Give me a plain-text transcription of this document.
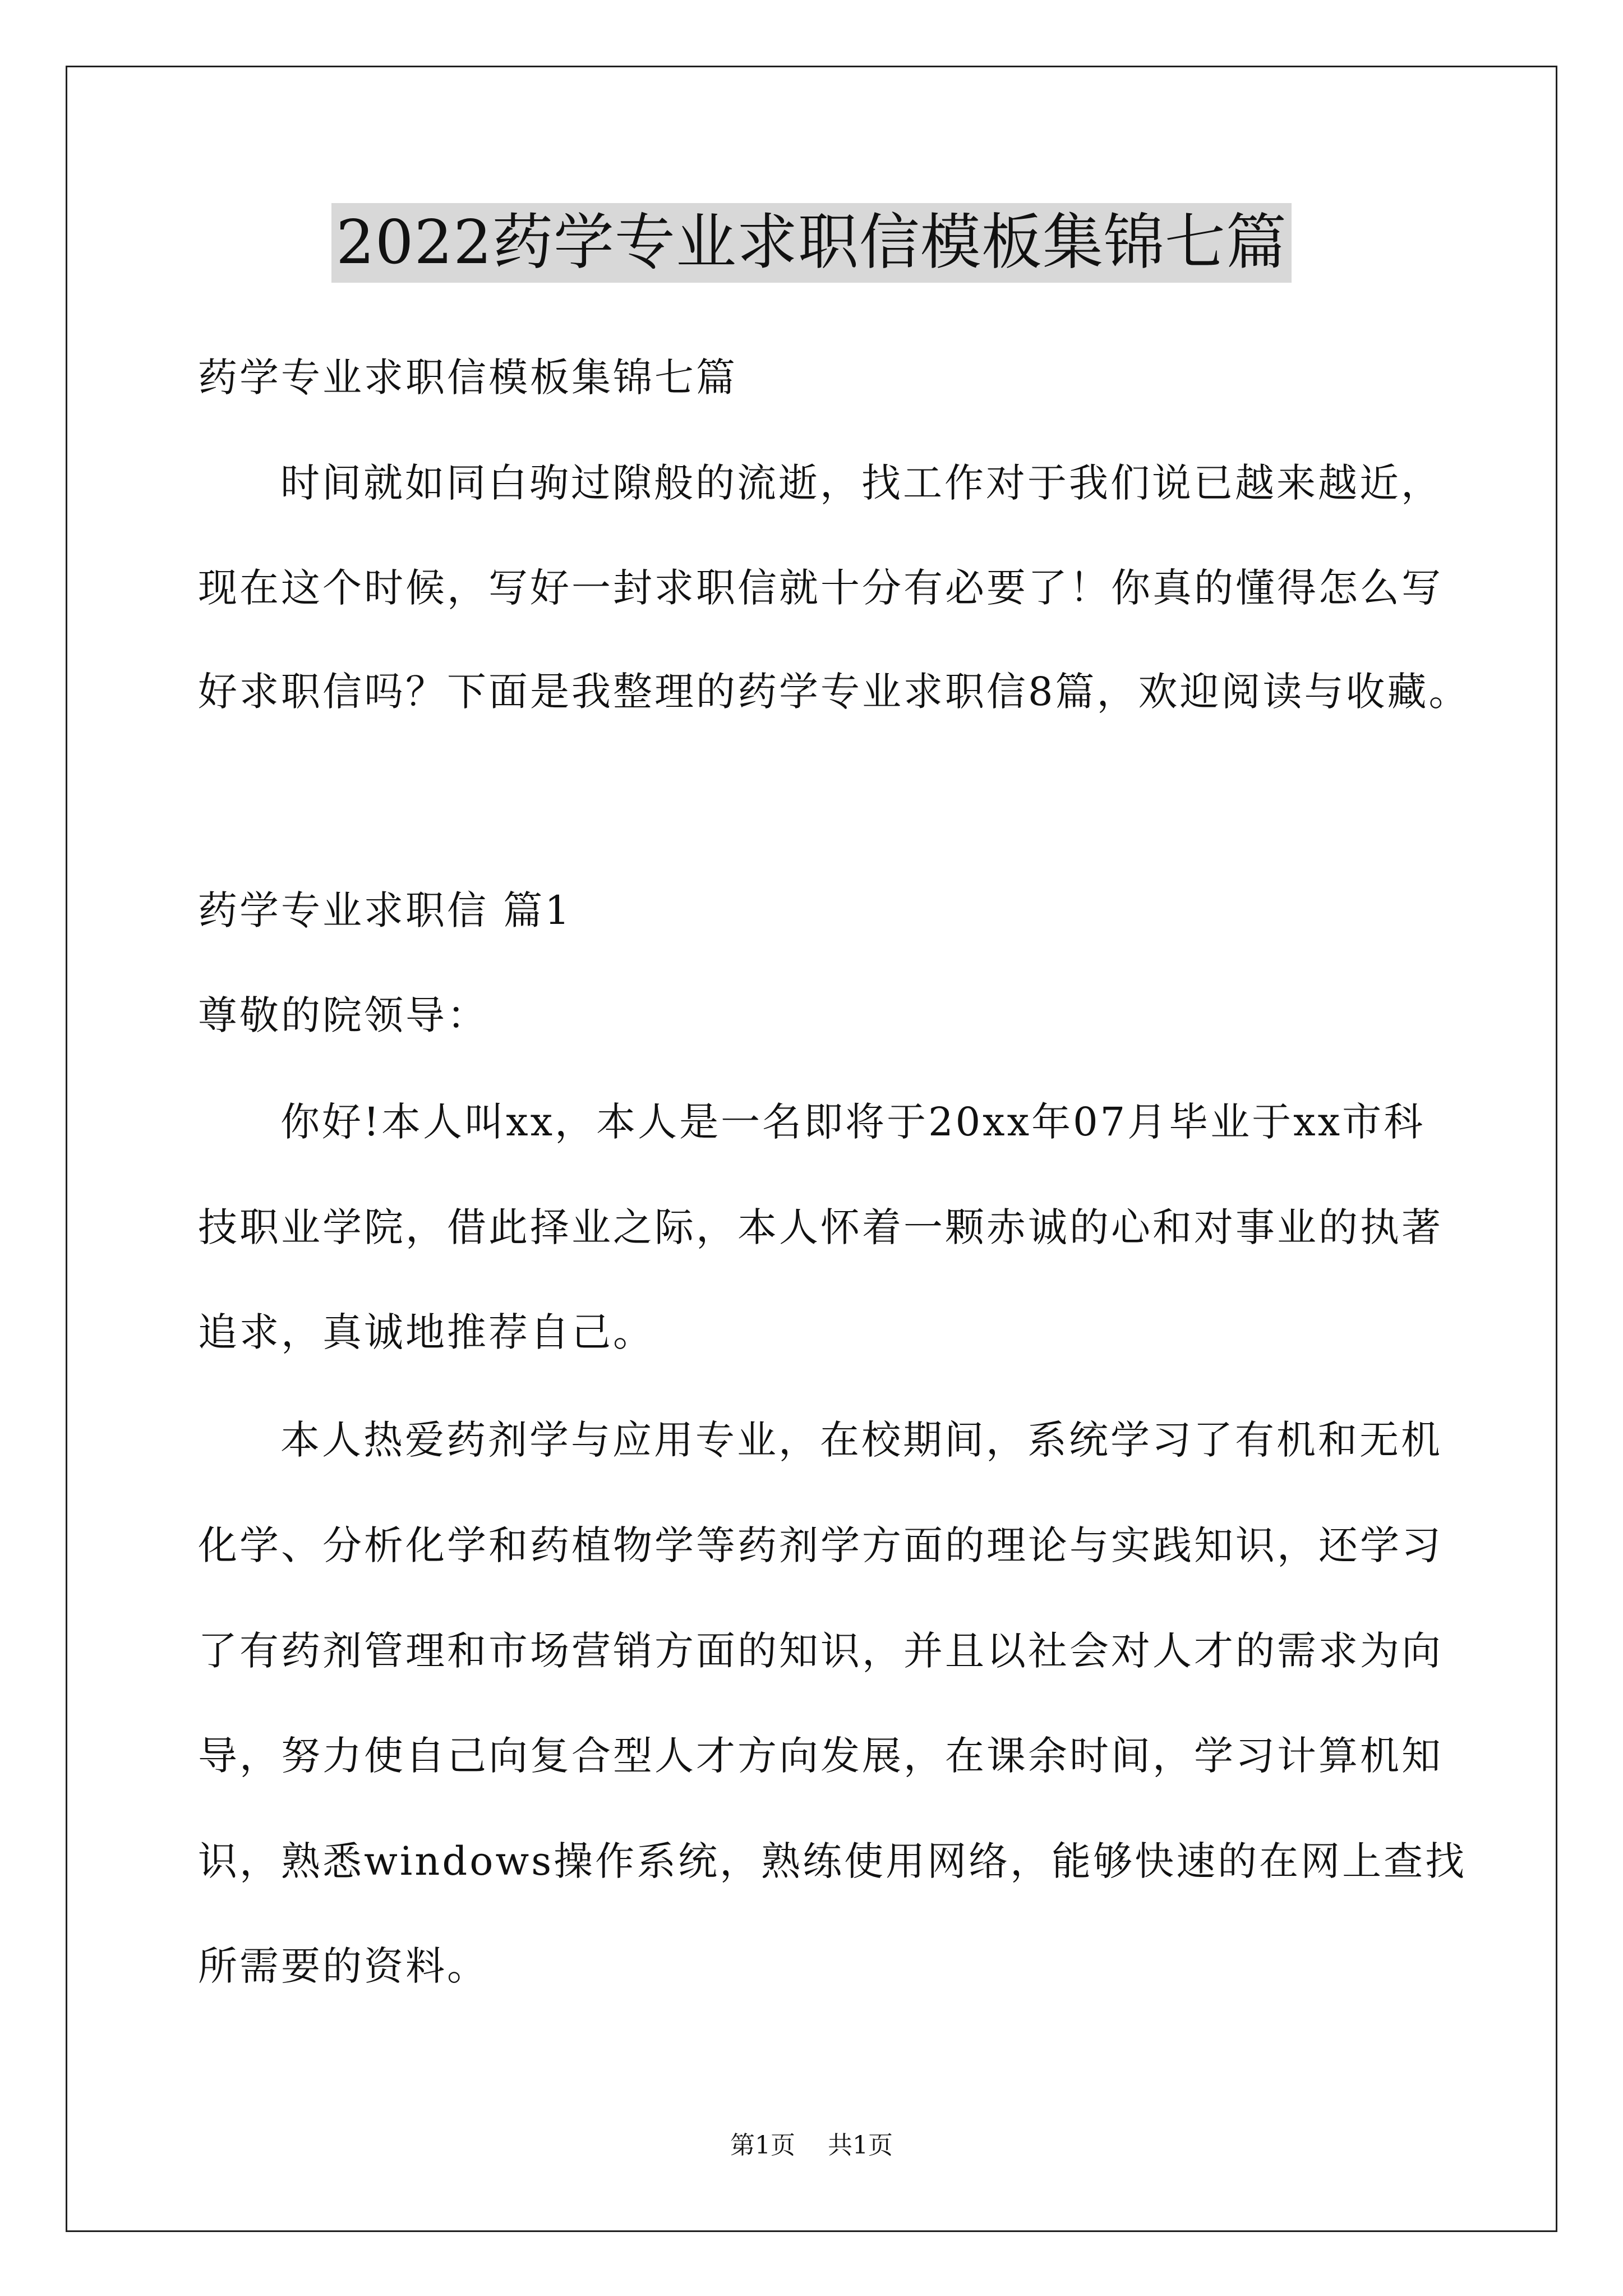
2022药学专业求职信模板集锦七篇
药学专业求职信模板集锦七篇
时间就如同白驹过隙般的流逝，找工作对于我们说已越来越近，
现在这个时候，写好一封求职信就十分有必要了！你真的懂得怎么写
好求职信吗？下面是我整理的药学专业求职信8篇，欢迎阅读与收藏。
药学专业求职信 篇1
尊敬的院领导：
你好!本人叫xx，本人是一名即将于20xx年07月毕业于xx市科
技职业学院，借此择业之际，本人怀着一颗赤诚的心和对事业的执著
追求，真诚地推荐自己。
本人热爱药剂学与应用专业，在校期间，系统学习了有机和无机
化学、分析化学和药植物学等药剂学方面的理论与实践知识，还学习
了有药剂管理和市场营销方面的知识，并且以社会对人才的需求为向
导，努力使自己向复合型人才方向发展，在课余时间，学习计算机知
识，熟悉windows操作系统，熟练使用网络，能够快速的在网上查找
所需要的资料。
第1页 共1页
